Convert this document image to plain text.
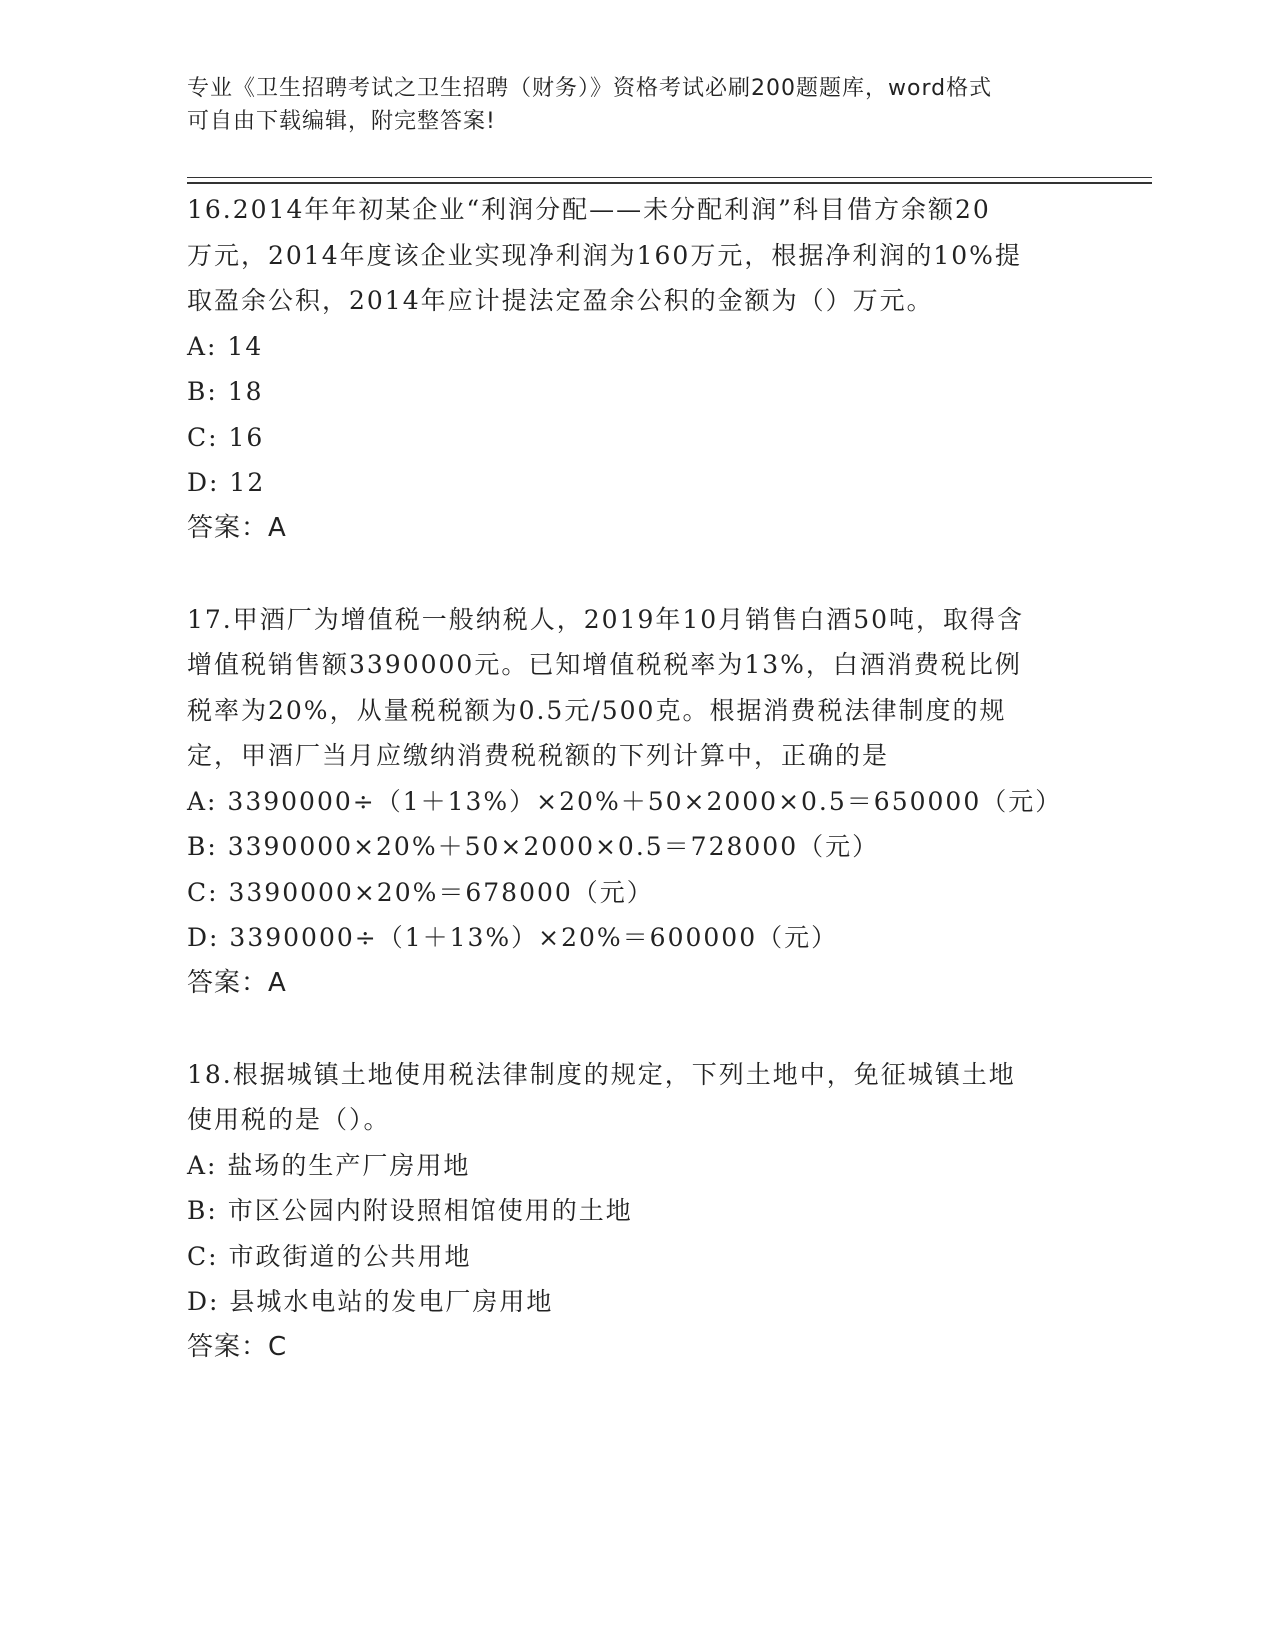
专业《卫生招聘考试之卫生招聘（财务）》资格考试必刷200题题库，word格式
可自由下载编辑，附完整答案!
16.2014年年初某企业“利润分配——未分配利润”科目借方余额20
万元，2014年度该企业实现净利润为160万元，根据净利润的10%提
取盈余公积，2014年应计提法定盈余公积的金额为（）万元。
A: 14
B: 18
C: 16
D: 12
答案：A
17.甲酒厂为增值税一般纳税人，2019年10月销售白酒50吨，取得含
增值税销售额3390000元。已知增值税税率为13%，白酒消费税比例
税率为20%，从量税税额为0.5元/500克。根据消费税法律制度的规
定，甲酒厂当月应缴纳消费税税额的下列计算中，正确的是
A: 3390000÷（1＋13%）×20%＋50×2000×0.5＝650000（元）
B: 3390000×20%＋50×2000×0.5＝728000（元）
C: 3390000×20%＝678000（元）
D: 3390000÷（1＋13%）×20%＝600000（元）
答案：A
18.根据城镇土地使用税法律制度的规定，下列土地中，免征城镇土地
使用税的是（）。
A: 盐场的生产厂房用地
B: 市区公园内附设照相馆使用的土地
C: 市政街道的公共用地
D: 县城水电站的发电厂房用地
答案：C
